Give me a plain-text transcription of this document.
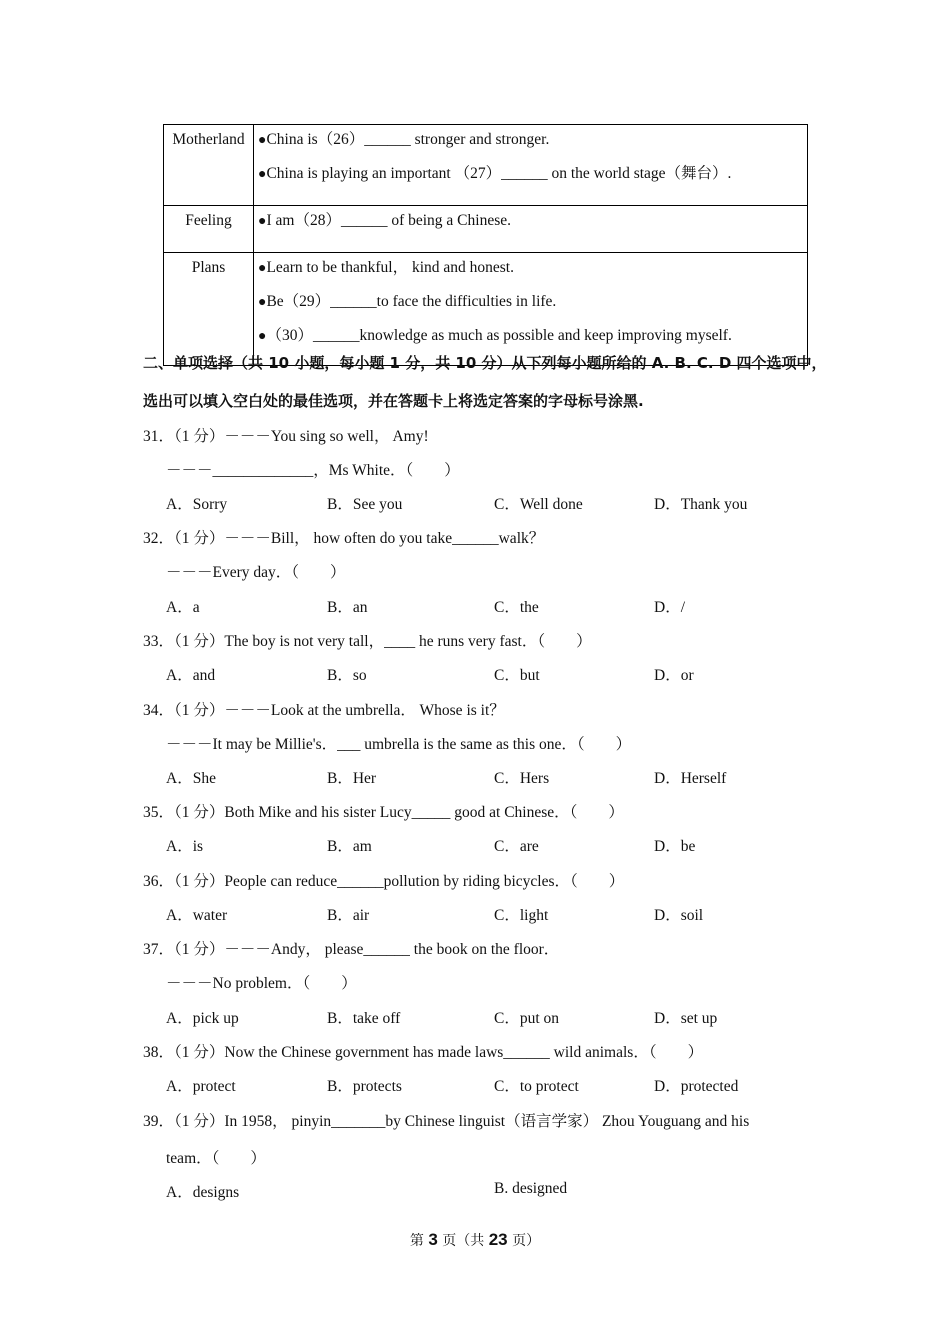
Motherland	●China is（26）______ stronger and stronger.
●China is playing an important （27）______ on the world stage（舞台）.

Feeling	●I am（28）______ of being a Chinese.

Plans	●Learn to be thankful， kind and honest.
●Be（29）______to face the difficulties in life.
●（30）______knowledge as much as possible and keep improving myself.
二、单项选择（共 10 小题，每小题 1 分，共 10 分）从下列每小题所给的 A. B. C. D 四个选项中，
选出可以填入空白处的最佳选项，并在答题卡上将选定答案的字母标号涂黑.
31．（1 分）－－－You sing so well， Amy!
－－－_____________，Ms White．（　　）
A．Sorry	B．See you	C．Well done	D．Thank you
32．（1 分）－－－Bill， how often do you take______walk？
－－－Every day．（　　）
A．a	B．an	C．the	D．/
33．（1 分）The boy is not very tall，____ he runs very fast．（　　）
A．and	B．so	C．but	D．or
34．（1 分）－－－Look at the umbrella． Whose is it？
－－－It may be Millie's．___ umbrella is the same as this one．（　　）
A．She	B．Her	C．Hers	D．Herself
35．（1 分）Both Mike and his sister Lucy_____ good at Chinese．（　　）
A．is	B．am	C．are	D．be
36．（1 分）People can reduce______pollution by riding bicycles．（　　）
A．water	B．air	C．light	D．soil
37．（1 分）－－－Andy， please______ the book on the floor．
－－－No problem．（　　）
A．pick up	B．take off	C．put on	D．set up
38．（1 分）Now the Chinese government has made laws______ wild animals．（　　）
A．protect	B．protects	C．to protect	D．protected
39．（1 分）In 1958， pinyin_______by Chinese linguist（语言学家） Zhou Youguang and his
team．（　　）
A．designs	B. designed
第 3 页（共 23 页）
